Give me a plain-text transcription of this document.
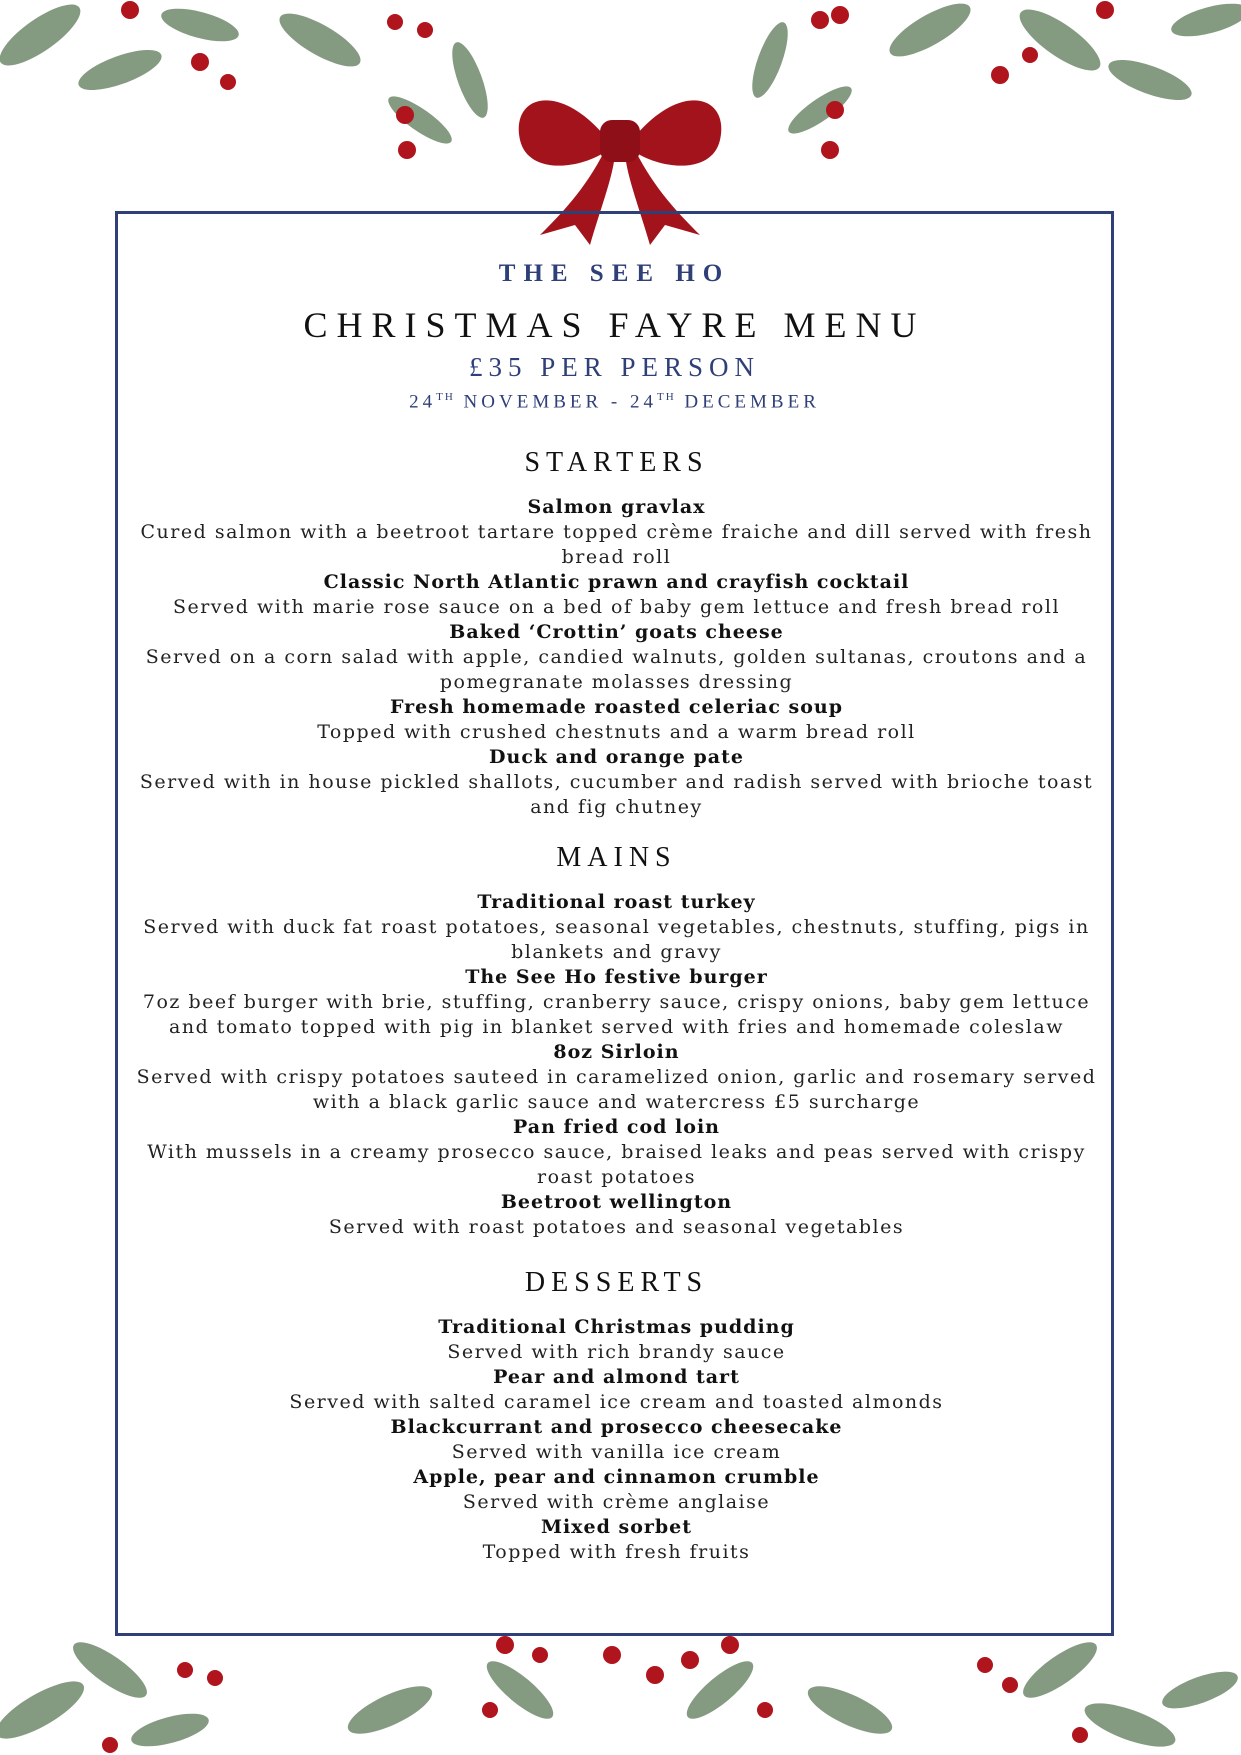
THE SEE HO
CHRISTMAS FAYRE MENU
£35 PER PERSON
24TH NOVEMBER - 24TH DECEMBER
STARTERS

Salmon gravlax

Cured salmon with a beetroot tartare topped crème fraiche and dill served with fresh bread roll

Classic North Atlantic prawn and crayfish cocktail

Served with marie rose sauce on a bed of baby gem lettuce and fresh bread roll

Baked ‘Crottin’ goats cheese

Served on a corn salad with apple, candied walnuts, golden sultanas, croutons and a pomegranate molasses dressing

Fresh homemade roasted celeriac soup

Topped with crushed chestnuts and a warm bread roll

Duck and orange pate

Served with in house pickled shallots, cucumber and radish served with brioche toast and fig chutney

MAINS

Traditional roast turkey

Served with duck fat roast potatoes, seasonal vegetables, chestnuts, stuffing, pigs in blankets and gravy

The See Ho festive burger

7oz beef burger with brie, stuffing, cranberry sauce, crispy onions, baby gem lettuce and tomato topped with pig in blanket served with fries and homemade coleslaw

8oz Sirloin

Served with crispy potatoes sauteed in caramelized onion, garlic and rosemary served with a black garlic sauce and watercress £5 surcharge

Pan fried cod loin

With mussels in a creamy prosecco sauce, braised leaks and peas served with crispy roast potatoes

Beetroot wellington

Served with roast potatoes and seasonal vegetables

DESSERTS

Traditional Christmas pudding

Served with rich brandy sauce

Pear and almond tart

Served with salted caramel ice cream and toasted almonds

Blackcurrant and prosecco cheesecake

Served with vanilla ice cream

Apple, pear and cinnamon crumble

Served with crème anglaise

Mixed sorbet

Topped with fresh fruits
